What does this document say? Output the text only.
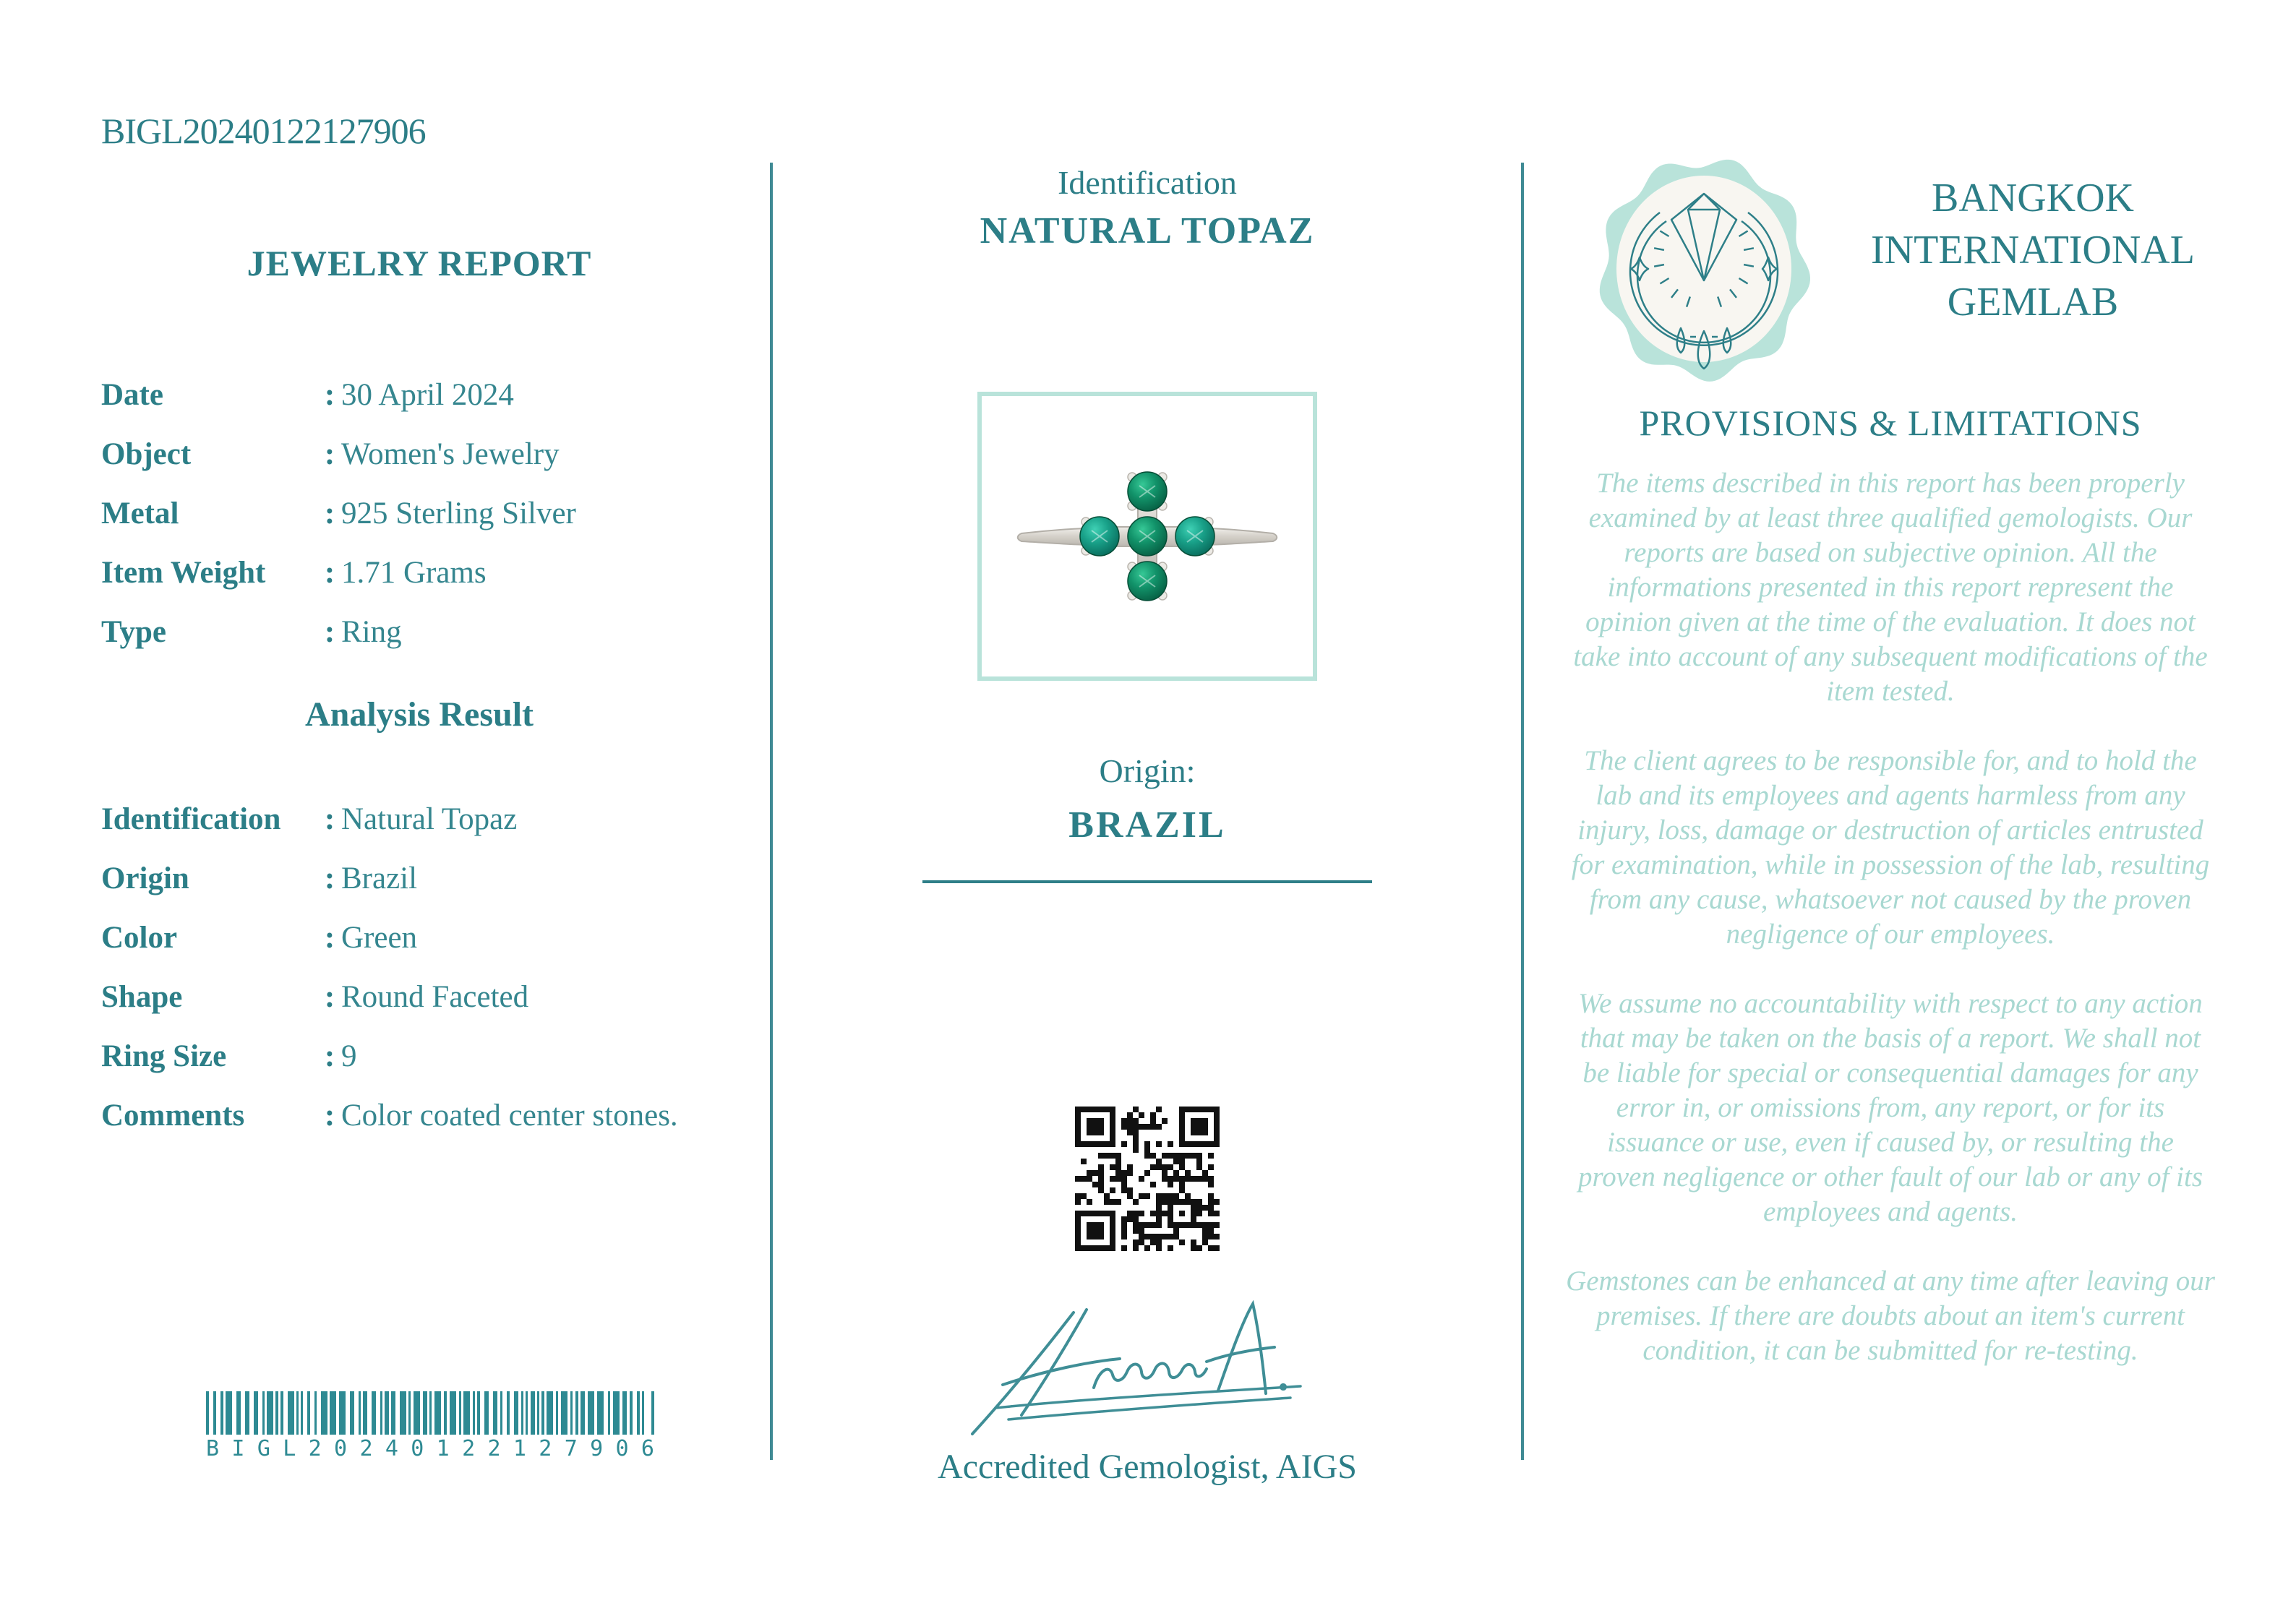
BIGL20240122127906
JEWELRY REPORT
Date	: 30 April 2024
Object	: Women's Jewelry
Metal	: 925 Sterling Silver
Item Weight	: 1.71 Grams
Type	: Ring
Analysis Result
Identification	: Natural Topaz
Origin	: Brazil
Color	: Green
Shape	: Round Faceted
Ring Size	: 9
Comments	: Color coated center stones.
B I G L 2 0 2 4 0 1 2 2 1 2 7 9 0 6
Identification
NATURAL TOPAZ
Origin:
BRAZIL
Accredited Gemologist, AIGS
BANGKOK
INTERNATIONAL
GEMLAB
PROVISIONS & LIMITATIONS

The items described in this report has been properly examined by at least three qualified gemologists. Our reports are based on subjective opinion. All the informations presented in this report represent the opinion given at the time of the evaluation. It does not take into account of any subsequent modifications of the item tested.

The client agrees to be responsible for, and to hold the lab and its employees and agents harmless from any injury, loss, damage or destruction of articles entrusted for examination, while in possession of the lab, resulting from any cause, whatsoever not caused by the proven negligence of our employees.

We assume no accountability with respect to any action that may be taken on the basis of a report. We shall not be liable for special or consequential damages for any error in, or omissions from, any report, or for its issuance or use, even if caused by, or resulting the proven negligence or other fault of our lab or any of its employees and agents.

Gemstones can be enhanced at any time after leaving our premises. If there are doubts about an item's current condition, it can be submitted for re-testing.
